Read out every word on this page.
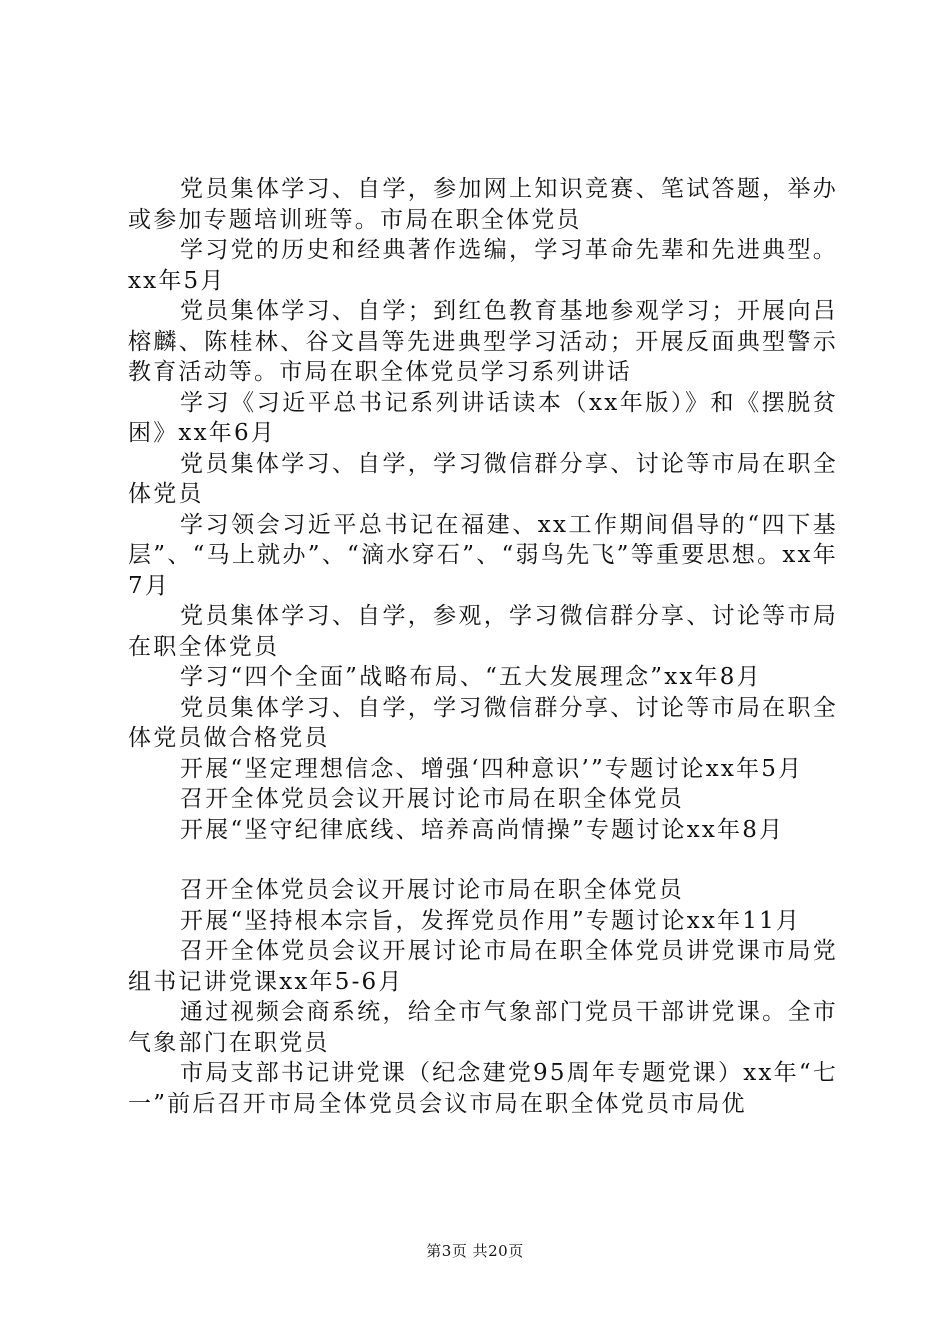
党员集体学习、自学，参加网上知识竞赛、笔试答题，举办或参加专题培训班等。市局在职全体党员

学习党的历史和经典著作选编，学习革命先辈和先进典型。xx年5月

党员集体学习、自学；到红色教育基地参观学习；开展向吕榕麟、陈桂林、谷文昌等先进典型学习活动；开展反面典型警示教育活动等。市局在职全体党员学习系列讲话

学习《习近平总书记系列讲话读本（xx年版）》和《摆脱贫困》xx年6月

党员集体学习、自学，学习微信群分享、讨论等市局在职全体党员

学习领会习近平总书记在福建、xx工作期间倡导的“四下基层”、“马上就办”、“滴水穿石”、“弱鸟先飞”等重要思想。xx年7月

党员集体学习、自学，参观，学习微信群分享、讨论等市局在职全体党员

学习“四个全面”战略布局、“五大发展理念”xx年8月

党员集体学习、自学，学习微信群分享、讨论等市局在职全体党员做合格党员

开展“坚定理想信念、增强‘四种意识’”专题讨论xx年5月

召开全体党员会议开展讨论市局在职全体党员

开展“坚守纪律底线、培养高尚情操”专题讨论xx年8月

召开全体党员会议开展讨论市局在职全体党员

开展“坚持根本宗旨，发挥党员作用”专题讨论xx年11月

召开全体党员会议开展讨论市局在职全体党员讲党课市局党组书记讲党课xx年5-6月

通过视频会商系统，给全市气象部门党员干部讲党课。全市气象部门在职党员

市局支部书记讲党课（纪念建党95周年专题党课）xx年“七一”前后召开市局全体党员会议市局在职全体党员市局优

第3页 共20页
